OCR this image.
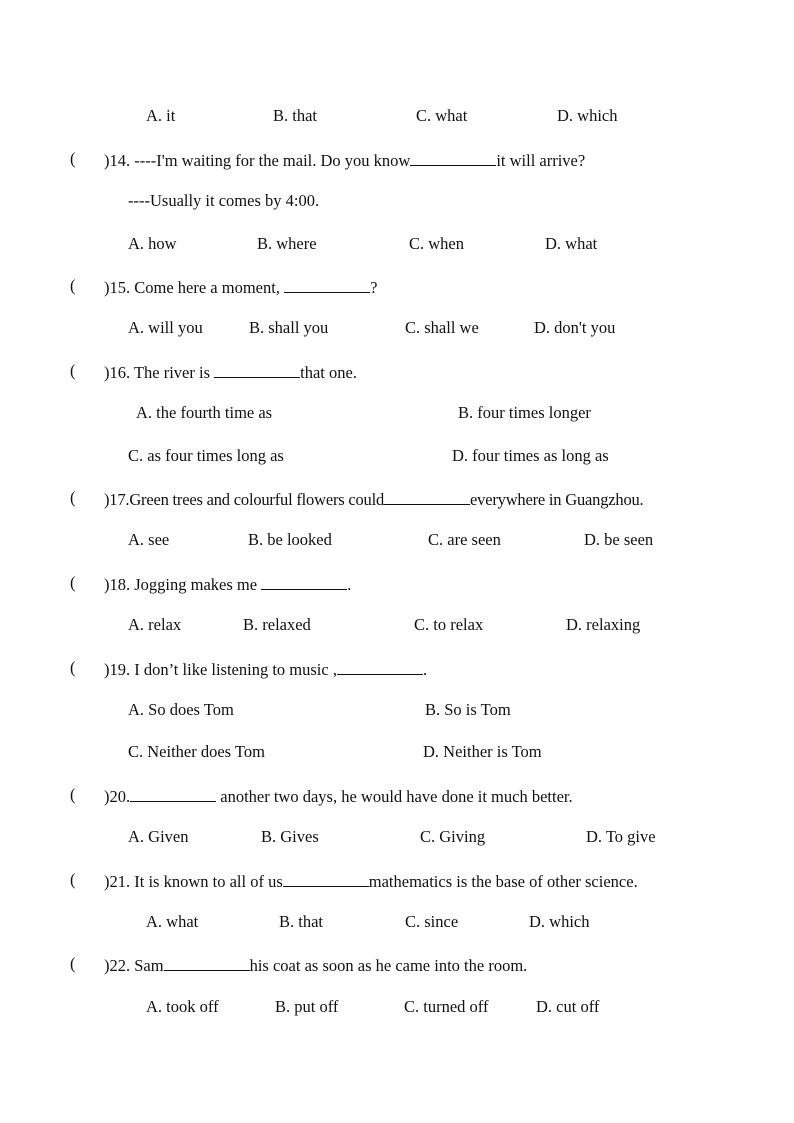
A. it	B. that	C. what	D. which
( )14. ----I'm waiting for the mail. Do you know	it will arrive?
----Usually it comes by 4:00.
A. how	B. where	C. when	D. what
( )15. Come here a moment,	?
A. will you	B. shall you	C. shall we	D. don't you
( )16. The river is	that one.
A. the fourth time as	B. four times longer
C. as four times long as	D. four times as long as
( )17.Green trees and colourful flowers could	everywhere in Guangzhou.
A. see	B. be looked	C. are seen	D. be seen
( )18. Jogging makes me	.
A. relax	B. relaxed	C. to relax	D. relaxing
( )19. I don’t like listening to music ,	.
A. So does Tom	B. So is Tom
C. Neither does Tom	D. Neither is Tom
( )20.	another two days, he would have done it much better.
A. Given	B. Gives	C. Giving	D. To give
( )21. It is known to all of us	mathematics is the base of other science.
A. what	B. that	C. since	D. which
( )22. Sam	his coat as soon as he came into the room.
A. took off	B. put off	C. turned off	D. cut off
